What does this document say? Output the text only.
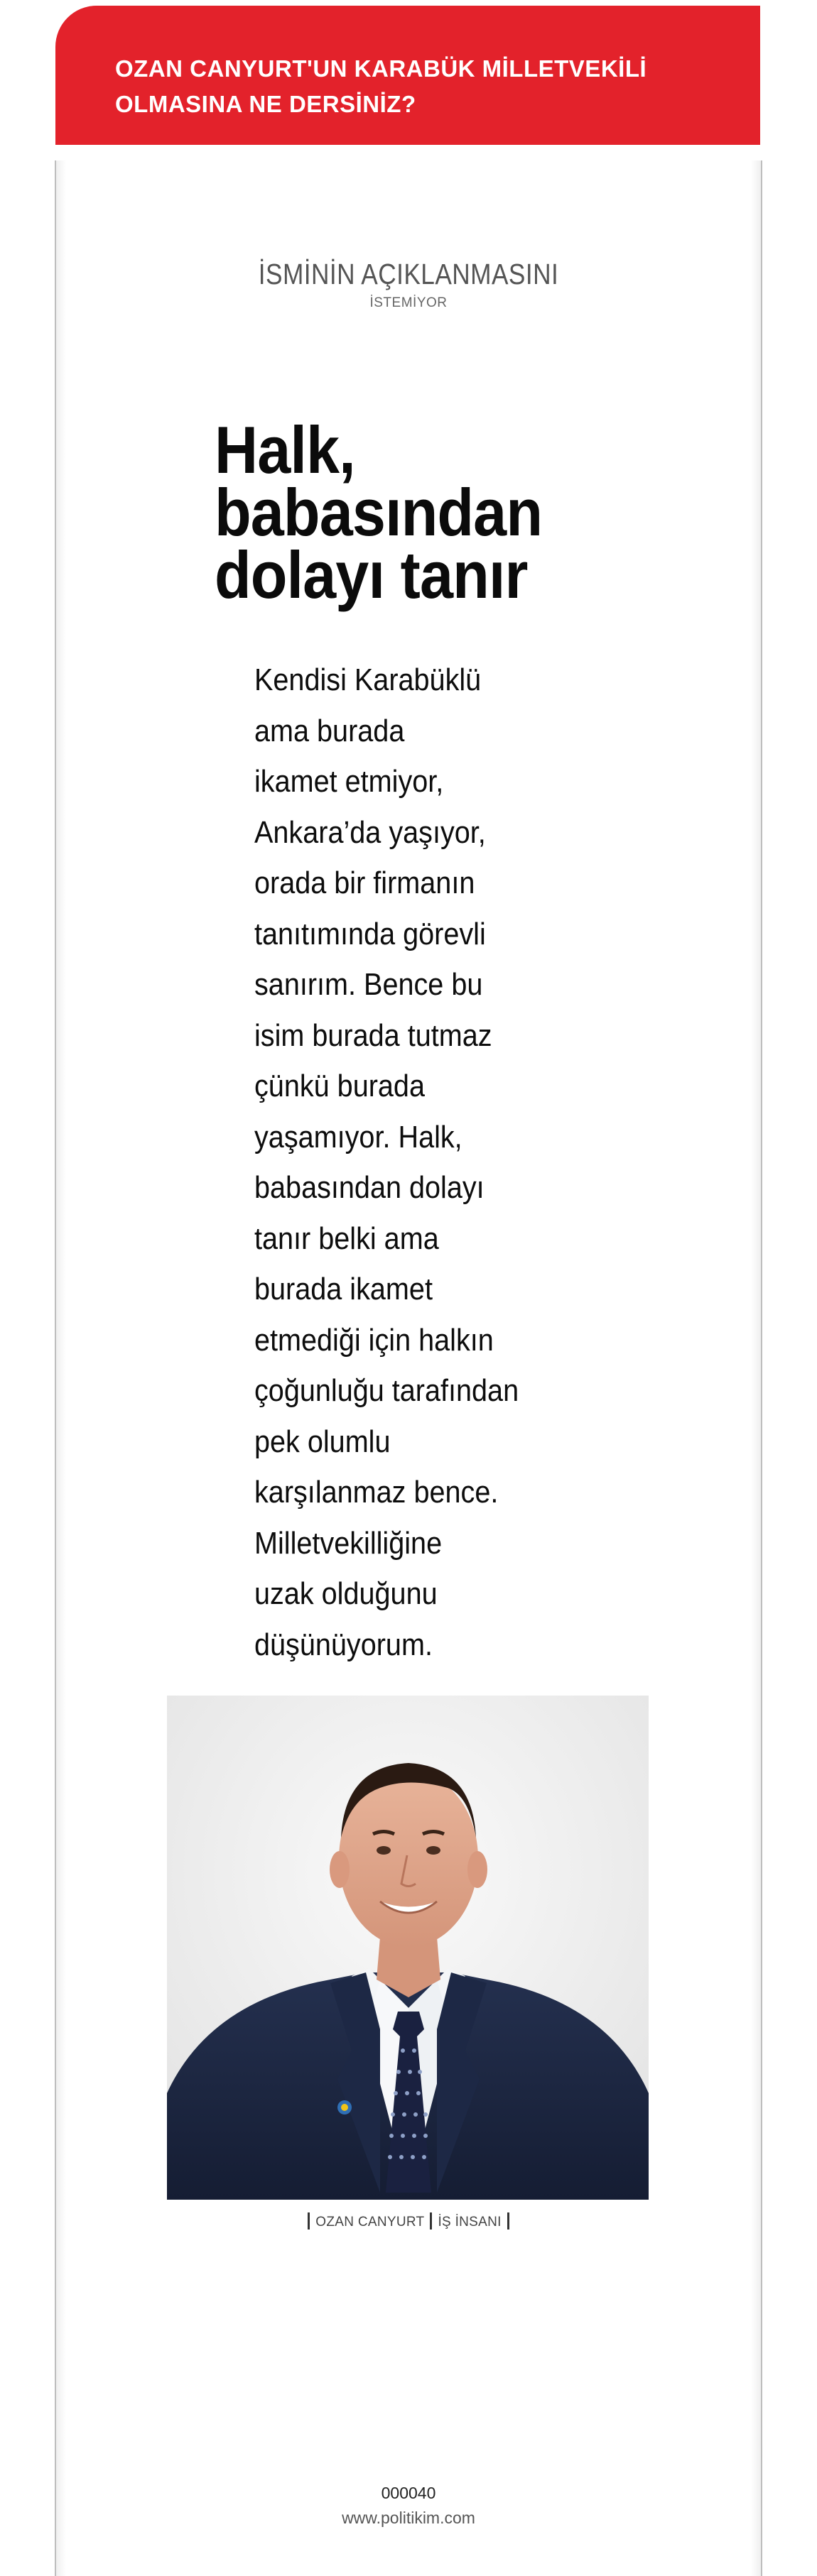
OZAN CANYURT'UN KARABÜK MİLLETVEKİLİ
OLMASINA NE DERSİNİZ?
İSMİNİN AÇIKLANMASINI
İSTEMİYOR
Halk,
babasından
dolayı tanır

Kendisi Karabüklü
ama burada
ikamet etmiyor,
Ankara’da yaşıyor,
orada bir firmanın
tanıtımında görevli
sanırım. Bence bu
isim burada tutmaz
çünkü burada
yaşamıyor. Halk,
babasından dolayı
tanır belki ama
burada ikamet
etmediği için halkın
çoğunluğu tarafından
pek olumlu
karşılanmaz bence.
Milletvekilliğine
uzak olduğunu
düşünüyorum.

OZAN CANYURT İŞ İNSANI
000040
www.politikim.com
